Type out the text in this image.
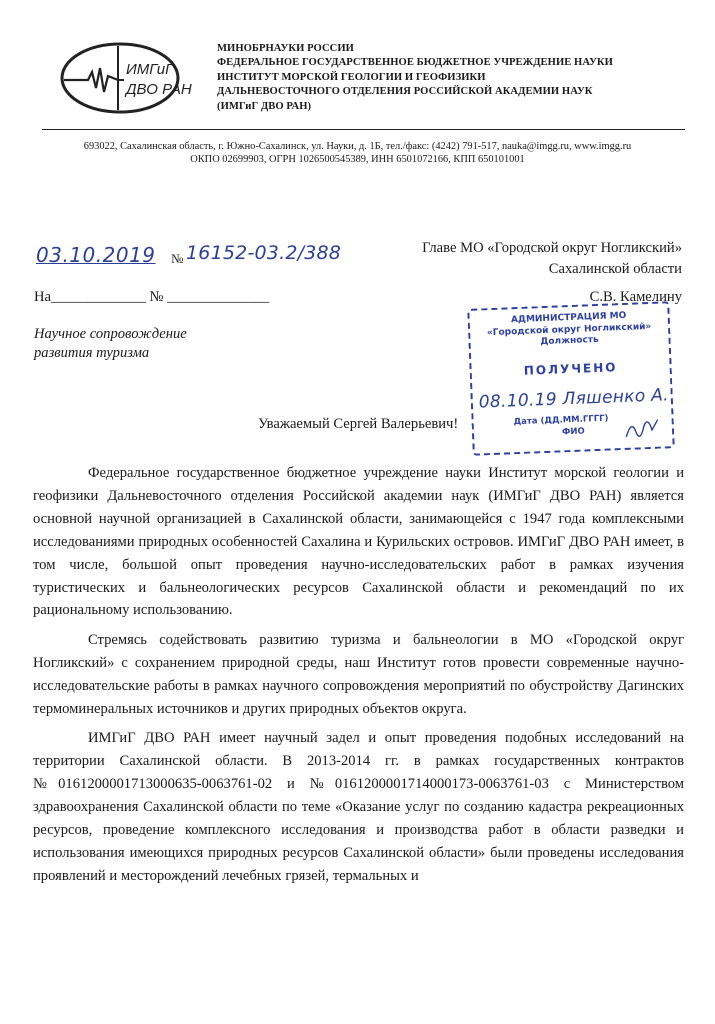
ИМГиГ
ДВО РАН
МИНОБРНАУКИ РОССИИ
ФЕДЕРАЛЬНОЕ ГОСУДАРСТВЕННОЕ БЮДЖЕТНОЕ УЧРЕЖДЕНИЕ НАУКИ
ИНСТИТУТ МОРСКОЙ ГЕОЛОГИИ И ГЕОФИЗИКИ
ДАЛЬНЕВОСТОЧНОГО ОТДЕЛЕНИЯ РОССИЙСКОЙ АКАДЕМИИ НАУК
(ИМГиГ ДВО РАН)
693022, Сахалинская область, г. Южно-Сахалинск, ул. Науки, д. 1Б, тел./факс: (4242) 791-517, nauka@imgg.ru, www.imgg.ru
ОКПО 02699903, ОГРН 1026500545389, ИНН 6501072166, КПП 650101001
03.10.2019 № 16152-03.2/388	Главе МО «Городской округ Ногликский»
Сахалинской области
С.В. Камелину
На_____________ № ______________
Научное сопровождение
развития туризма
АДМИНИСТРАЦИЯ МО
«Городской округ Ногликский»
Должность
ПОЛУЧЕНО
08.10.19 Ляшенко А.
Дата (ДД.ММ.ГГГГ)
ФИО
Уважаемый Сергей Валерьевич!

Федеральное государственное бюджетное учреждение науки Институт морской геологии и геофизики Дальневосточного отделения Российской академии наук (ИМГиГ ДВО РАН) является основной научной организацией в Сахалинской области, занимающейся с 1947 года комплексными исследованиями природных особенностей Сахалина и Курильских островов. ИМГиГ ДВО РАН имеет, в том числе, большой опыт проведения научно-исследовательских работ в рамках изучения туристических и бальнеологических ресурсов Сахалинской области и рекомендаций по их рациональному использованию.

Стремясь содействовать развитию туризма и бальнеологии в МО «Городской округ Ногликский» с сохранением природной среды, наш Институт готов провести современные научно-исследовательские работы в рамках научного сопровождения мероприятий по обустройству Дагинских термоминеральных источников и других природных объектов округа.

ИМГиГ ДВО РАН имеет научный задел и опыт проведения подобных исследований на территории Сахалинской области. В 2013-2014 гг. в рамках государственных контрактов №0161200001713000635-0063761-02 и №0161200001714000173-0063761-03 с Министерством здравоохранения Сахалинской области по теме «Оказание услуг по созданию кадастра рекреационных ресурсов, проведение комплексного исследования и производства работ в области разведки и использования имеющихся природных ресурсов Сахалинской области» были проведены исследования проявлений и месторождений лечебных грязей, термальных и
